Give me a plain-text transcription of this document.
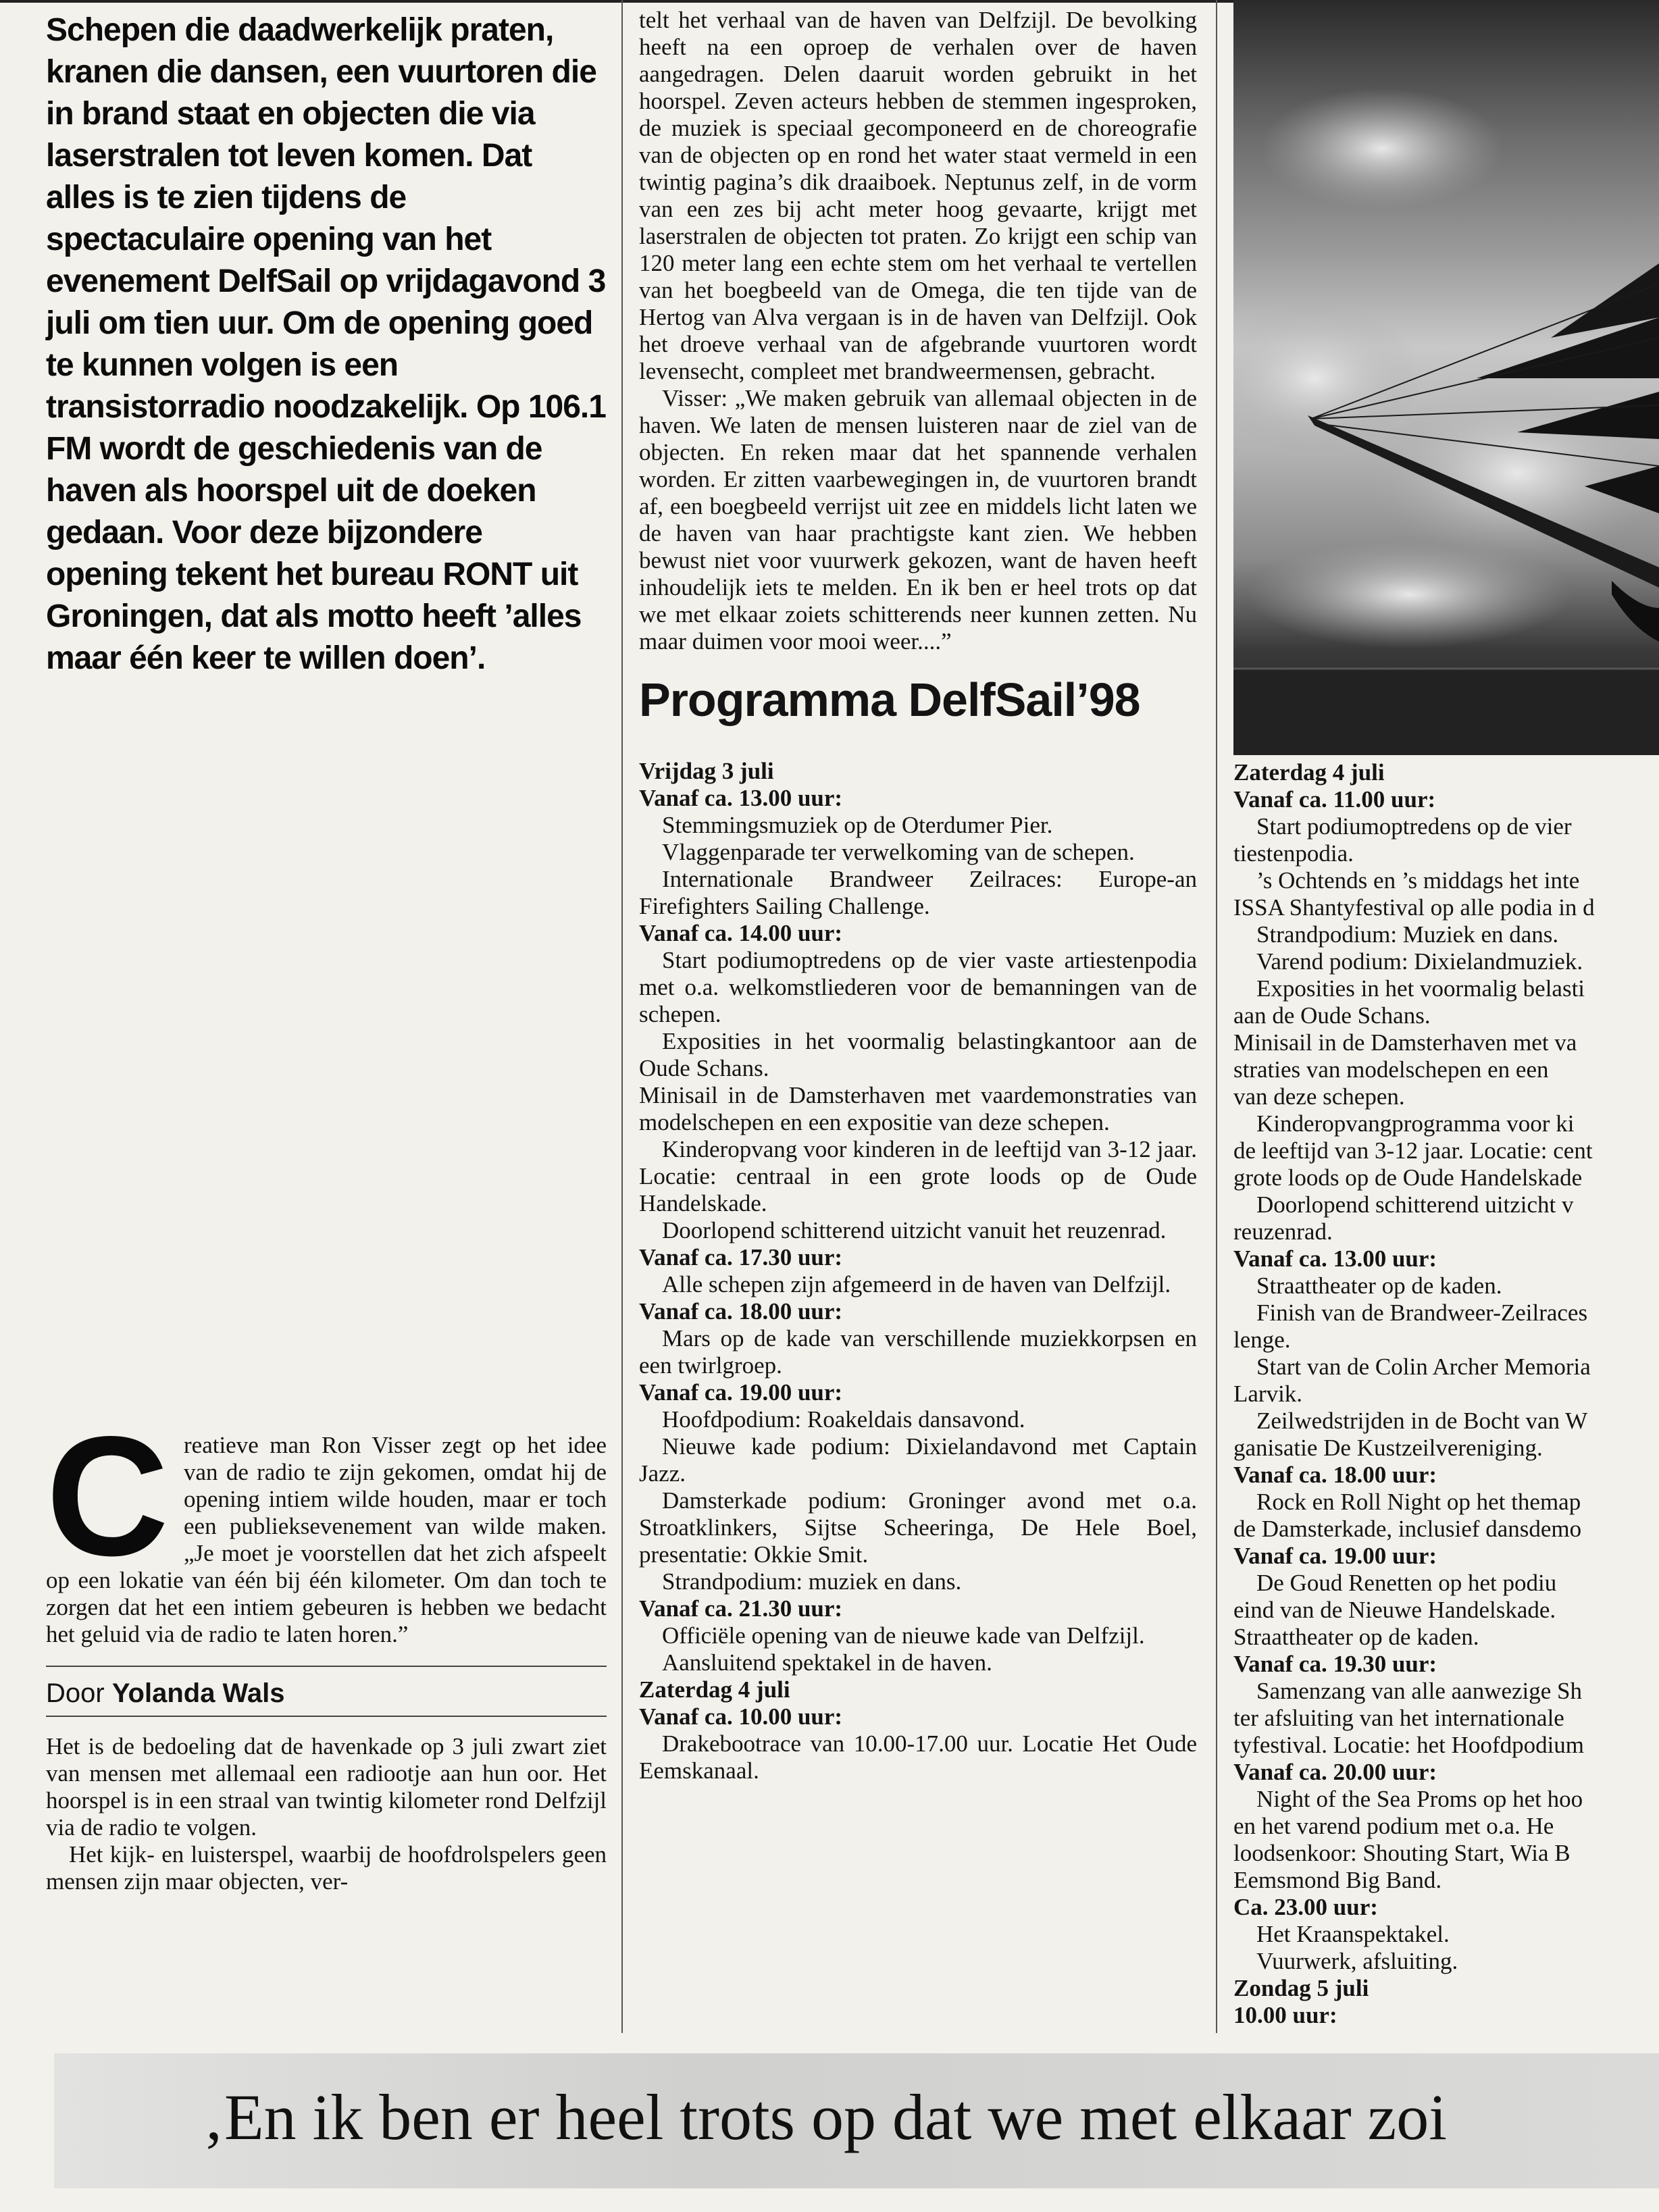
Schepen die daadwerkelijk praten, kranen die dansen, een vuurtoren die in brand staat en objecten die via laserstralen tot leven komen. Dat alles is te zien tijdens de spectaculaire opening van het evenement DelfSail op vrijdagavond 3 juli om tien uur. Om de opening goed te kunnen volgen is een transistorradio noodzakelijk. Op 106.1 FM wordt de geschiedenis van de haven als hoorspel uit de doeken gedaan. Voor deze bijzondere opening tekent het bureau RONT uit Groningen, dat als motto heeft ’alles maar één keer te willen doen’.

C reatieve man Ron Visser zegt op het idee van de radio te zijn gekomen, omdat hij de opening intiem wilde houden, maar er toch een publieksevenement van wilde maken. „Je moet je voorstellen dat het zich afspeelt op een lokatie van één bij één kilometer. Om dan toch te zorgen dat het een intiem gebeuren is hebben we bedacht het geluid via de radio te laten horen.”

Door Yolanda Wals

Het is de bedoeling dat de havenkade op 3 juli zwart ziet van mensen met allemaal een radiootje aan hun oor. Het hoorspel is in een straal van twintig kilometer rond Delfzijl via de radio te volgen.

Het kijk- en luisterspel, waarbij de hoofdrolspelers geen mensen zijn maar objecten, ver-

telt het verhaal van de haven van Delfzijl. De bevolking heeft na een oproep de verhalen over de haven aangedragen. Delen daaruit worden gebruikt in het hoorspel. Zeven acteurs hebben de stemmen ingesproken, de muziek is speciaal gecomponeerd en de choreografie van de objecten op en rond het water staat vermeld in een twintig pagina’s dik draaiboek. Neptunus zelf, in de vorm van een zes bij acht meter hoog gevaarte, krijgt met laserstralen de objecten tot praten. Zo krijgt een schip van 120 meter lang een echte stem om het verhaal te vertellen van het boegbeeld van de Omega, die ten tijde van de Hertog van Alva vergaan is in de haven van Delfzijl. Ook het droeve verhaal van de afgebrande vuurtoren wordt levensecht, compleet met brandweermensen, gebracht.

Visser: „We maken gebruik van allemaal objecten in de haven. We laten de mensen luisteren naar de ziel van de objecten. En reken maar dat het spannende verhalen worden. Er zitten vaarbewegingen in, de vuurtoren brandt af, een boegbeeld verrijst uit zee en middels licht laten we de haven van haar prachtigste kant zien. We hebben bewust niet voor vuurwerk gekozen, want de haven heeft inhoudelijk iets te melden. En ik ben er heel trots op dat we met elkaar zoiets schitterends neer kunnen zetten. Nu maar duimen voor mooi weer....”

Programma DelfSail’98

Vrijdag 3 juli

Vanaf ca. 13.00 uur:

Stemmingsmuziek op de Oterdumer Pier.

Vlaggenparade ter verwelkoming van de schepen.

Internationale Brandweer Zeilraces: Europe-an Firefighters Sailing Challenge.

Vanaf ca. 14.00 uur:

Start podiumoptredens op de vier vaste artiestenpodia met o.a. welkomstliederen voor de bemanningen van de schepen.

Exposities in het voormalig belastingkantoor aan de Oude Schans.

Minisail in de Damsterhaven met vaardemonstraties van modelschepen en een expositie van deze schepen.

Kinderopvang voor kinderen in de leeftijd van 3-12 jaar. Locatie: centraal in een grote loods op de Oude Handelskade.

Doorlopend schitterend uitzicht vanuit het reuzenrad.

Vanaf ca. 17.30 uur:

Alle schepen zijn afgemeerd in de haven van Delfzijl.

Vanaf ca. 18.00 uur:

Mars op de kade van verschillende muziekkorpsen en een twirlgroep.

Vanaf ca. 19.00 uur:

Hoofdpodium: Roakeldais dansavond.

Nieuwe kade podium: Dixielandavond met Captain Jazz.

Damsterkade podium: Groninger avond met o.a. Stroatklinkers, Sijtse Scheeringa, De Hele Boel, presentatie: Okkie Smit.

Strandpodium: muziek en dans.

Vanaf ca. 21.30 uur:

Officiële opening van de nieuwe kade van Delfzijl.

Aansluitend spektakel in de haven.

Zaterdag 4 juli

Vanaf ca. 10.00 uur:

Drakebootrace van 10.00-17.00 uur. Locatie Het Oude Eemskanaal.

Zaterdag 4 juli

Vanaf ca. 11.00 uur:

Start podiumoptredens op de vier

tiestenpodia.

’s Ochtends en ’s middags het inte

ISSA Shantyfestival op alle podia in d

Strandpodium: Muziek en dans.

Varend podium: Dixielandmuziek.

Exposities in het voormalig belasti

aan de Oude Schans.

Minisail in de Damsterhaven met va

straties van modelschepen en een

van deze schepen.

Kinderopvangprogramma voor ki

de leeftijd van 3-12 jaar. Locatie: cent

grote loods op de Oude Handelskade

Doorlopend schitterend uitzicht v

reuzenrad.

Vanaf ca. 13.00 uur:

Straattheater op de kaden.

Finish van de Brandweer-Zeilraces

lenge.

Start van de Colin Archer Memoria

Larvik.

Zeilwedstrijden in de Bocht van W

ganisatie De Kustzeilvereniging.

Vanaf ca. 18.00 uur:

Rock en Roll Night op het themap

de Damsterkade, inclusief dansdemo

Vanaf ca. 19.00 uur:

De Goud Renetten op het podiu

eind van de Nieuwe Handelskade.

Straattheater op de kaden.

Vanaf ca. 19.30 uur:

Samenzang van alle aanwezige Sh

ter afsluiting van het internationale

tyfestival. Locatie: het Hoofdpodium

Vanaf ca. 20.00 uur:

Night of the Sea Proms op het hoo

en het varend podium met o.a. He

loodsenkoor: Shouting Start, Wia B

Eemsmond Big Band.

Ca. 23.00 uur:

Het Kraanspektakel.

Vuurwerk, afsluiting.

Zondag 5 juli

10.00 uur:

‚En ik ben er heel trots op dat we met elkaar zoi
